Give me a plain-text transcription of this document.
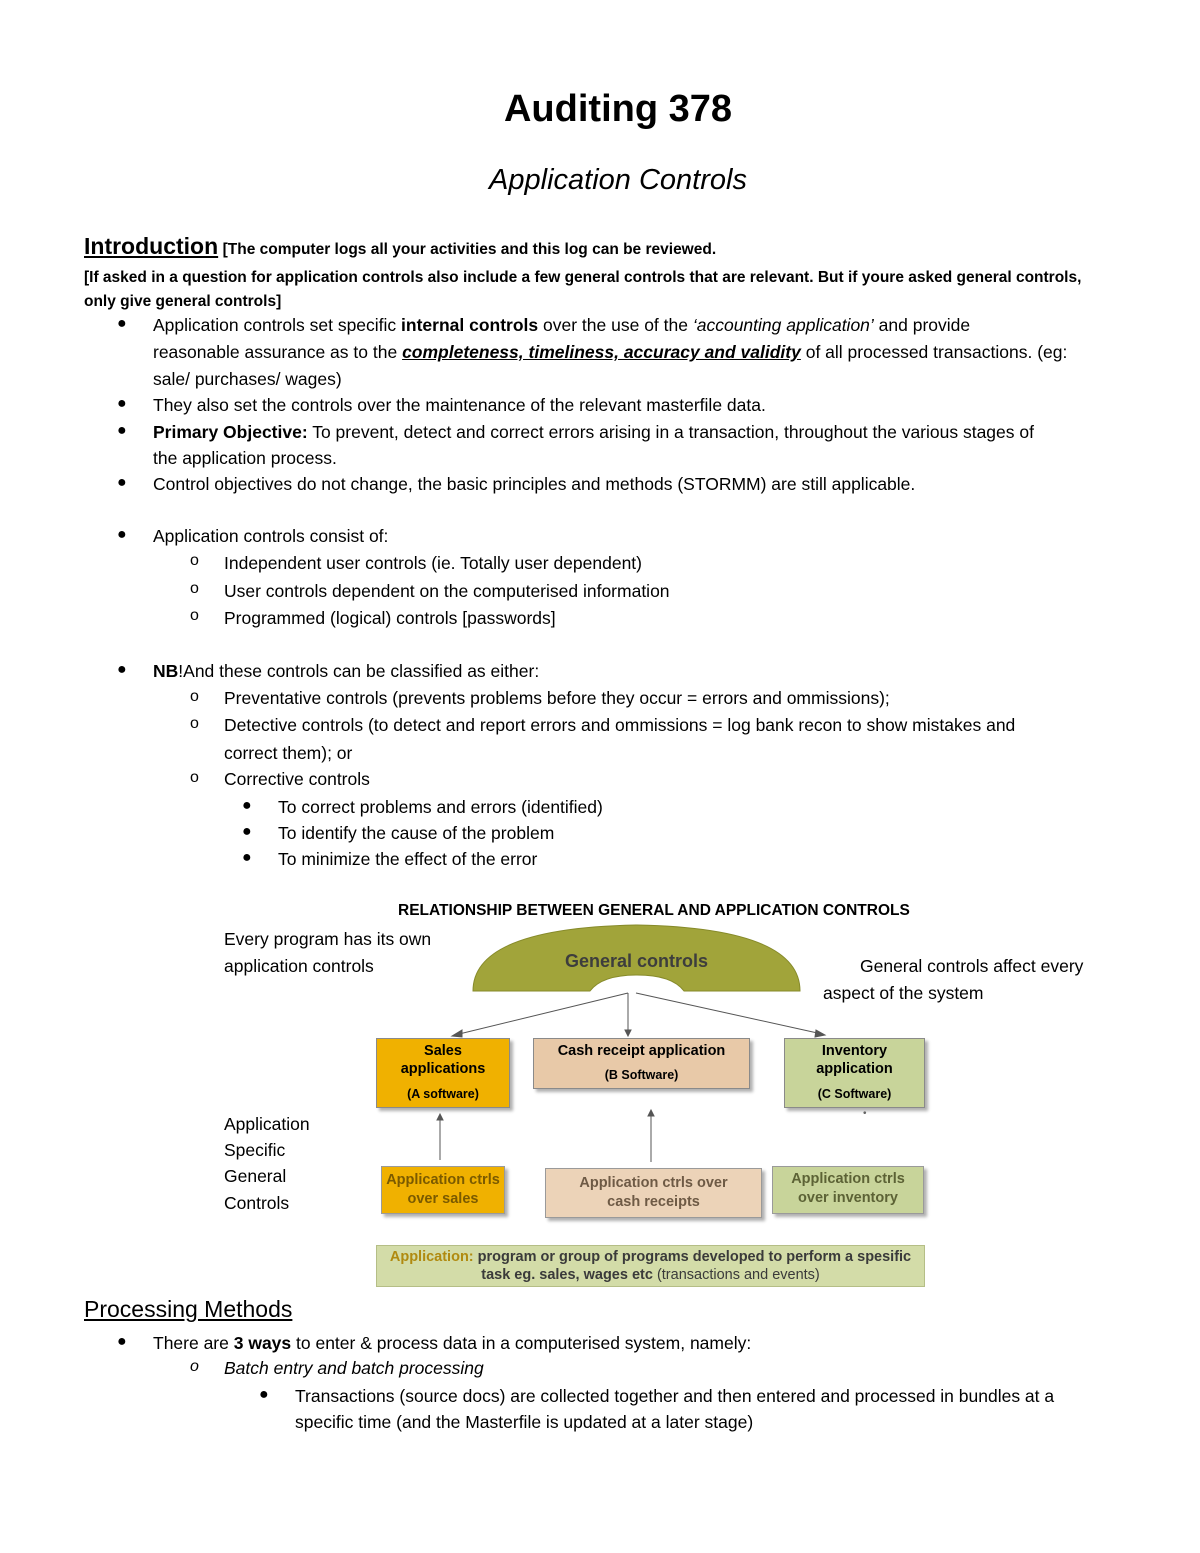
Auditing 378
Application Controls
Introduction [The computer logs all your activities and this log can be reviewed.
[If asked in a question for application controls also include a few general controls that are relevant. But if youre asked general controls,
only give general controls]
● Application controls set specific internal controls over the use of the ‘accounting application’ and provide
reasonable assurance as to the completeness, timeliness, accuracy and validity of all processed transactions. (eg:
sale/ purchases/ wages)
● They also set the controls over the maintenance of the relevant masterfile data.
● Primary Objective: To prevent, detect and correct errors arising in a transaction, throughout the various stages of
the application process.
● Control objectives do not change, the basic principles and methods (STORMM) are still applicable.
● Application controls consist of:
o Independent user controls (ie. Totally user dependent)
o User controls dependent on the computerised information
o Programmed (logical) controls [passwords]
● NB!And these controls can be classified as either:
o Preventative controls (prevents problems before they occur = errors and ommissions);
o Detective controls (to detect and report errors and ommissions = log bank recon to show mistakes and
correct them); or
o Corrective controls
● To correct problems and errors (identified)
● To identify the cause of the problem
● To minimize the effect of the error
RELATIONSHIP BETWEEN GENERAL AND APPLICATION CONTROLS
Every program has its own
application controls	General controls affect every
aspect of the system
•
General controls
Sales
applications
(A software)
Cash receipt application
(B Software)
Inventory
application
(C Software)
Application
Specific
General
Controls
Application ctrls
over sales
Application ctrls over
cash receipts
Application ctrls
over inventory
Application: program or group of programs developed to perform a spesific
task eg. sales, wages etc (transactions and events)
Processing Methods
● There are 3 ways to enter & process data in a computerised system, namely:
o Batch entry and batch processing
● Transactions (source docs) are collected together and then entered and processed in bundles at a
specific time (and the Masterfile is updated at a later stage)
